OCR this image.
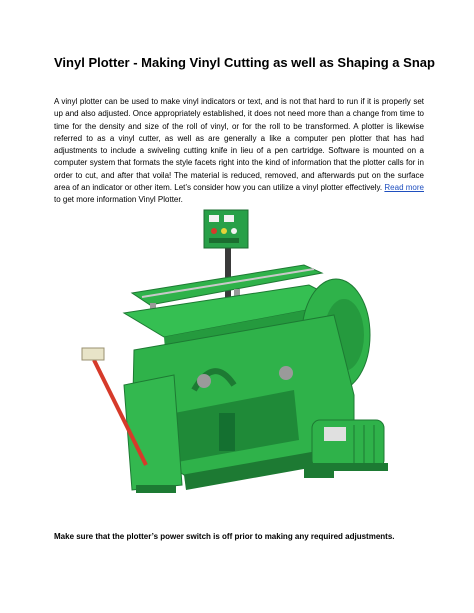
Vinyl Plotter - Making Vinyl Cutting as well as Shaping a Snap
A vinyl plotter can be used to make vinyl indicators or text, and is not that hard to run if it is properly set up and also adjusted. Once appropriately established, it does not need more than a change from time to time for the density and size of the roll of vinyl, or for the roll to be transformed. A plotter is likewise referred to as a vinyl cutter, as well as are generally a like a computer pen plotter that has had adjustments to include a swiveling cutting knife in lieu of a pen cartridge. Software is mounted on a computer system that formats the style facets right into the kind of information that the plotter calls for in order to cut, and after that voila! The material is reduced, removed, and afterwards put on the surface area of an indicator or other item. Let’s consider how you can utilize a vinyl plotter effectively. Read more to get more information Vinyl Plotter.
Make sure that the plotter’s power switch is off prior to making any required adjustments.
